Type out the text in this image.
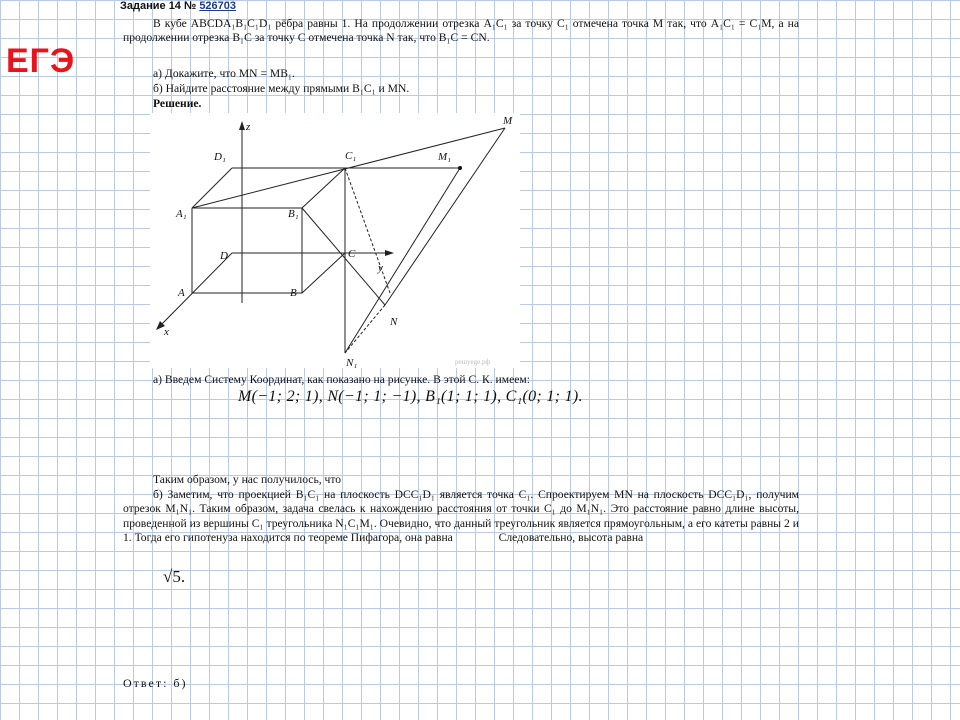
ЕГЭ
Задание 14 № 526703
В кубе ABCDA₁B₁C₁D₁ рёбра равны 1. На продолжении отрезка A₁C₁ за точку C₁ отмечена точка M так, что A₁C₁ = C₁M, а на продолжении отрезка B₁C за точку C отмечена точка N так, что B₁C = CN.
а) Докажите, что MN = MB₁.
б) Найдите расстояние между прямыми B₁C₁ и MN.
Решение.
z
y
x
D₁	C₁	M₁
M
A₁	B₁
D	C
A	B
N
N₁	решуege.рф
а) Введем Систему Координат, как показано на рисунке. В этой С. К. имеем:
M(−1; 2; 1), N(−1; 1; −1), B₁(1; 1; 1), C₁(0; 1; 1).
Таким образом, у нас получилось, что
б) Заметим, что проекцией B₁C₁ на плоскость DCC₁D₁ является точка C₁. Спроектируем MN на плоскость DCC₁D₁, получим отрезок M₁N₁. Таким образом, задача свелась к нахождению расстояния от точки C₁ до M₁N₁. Это расстояние равно длине высоты, проведенной из вершины C₁ треугольника N₁C₁M₁. Очевидно, что данный треугольник является прямоугольным, а его катеты равны 2 и 1. Тогда его гипотенуза находится по теореме Пифагора, она равна	Следовательно, высота равна
√5.
Ответ: б)
